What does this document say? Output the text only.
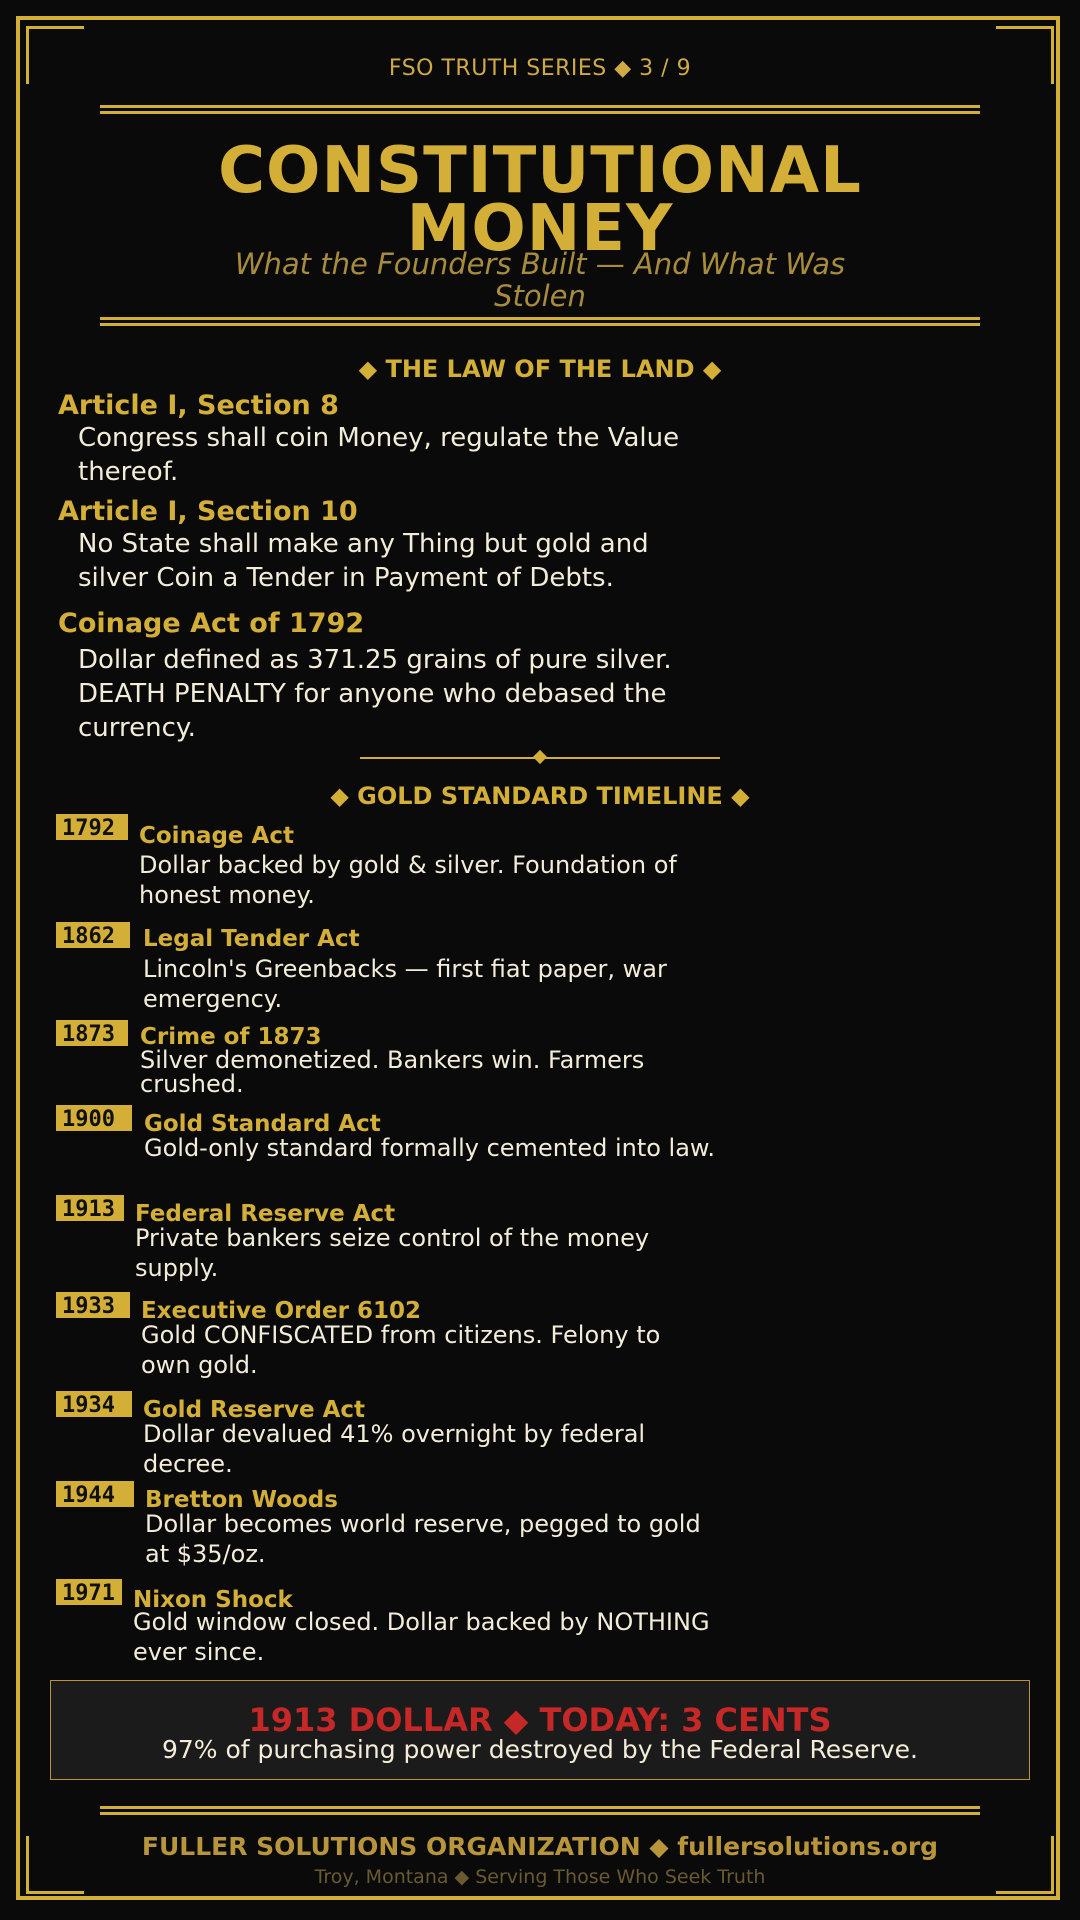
FSO TRUTH SERIES ◆ 3 / 9
CONSTITUTIONAL
MONEY
What the Founders Built — And What Was Stolen
◆ THE LAW OF THE LAND ◆
Article I, Section 8
Congress shall coin Money, regulate the Value thereof.
Article I, Section 10
No State shall make any Thing but gold and silver Coin a Tender in Payment of Debts.
Coinage Act of 1792
Dollar defined as 371.25 grains of pure silver. DEATH PENALTY for anyone who debased the currency.
◆ GOLD STANDARD TIMELINE ◆
1792	Coinage Act
Dollar backed by gold & silver. Foundation of honest money.
1862	Legal Tender Act
Lincoln's Greenbacks — first fiat paper, war emergency.
1873	Crime of 1873
Silver demonetized. Bankers win. Farmers crushed.
1900	Gold Standard Act
Gold-only standard formally cemented into law.
1913 Federal Reserve Act
Private bankers seize control of the money supply.
1933	Executive Order 6102
Gold CONFISCATED from citizens. Felony to own gold.
1934	Gold Reserve Act
Dollar devalued 41% overnight by federal decree.
1944	Bretton Woods
Dollar becomes world reserve, pegged to gold at $35/oz.
1971 Nixon Shock
Gold window closed. Dollar backed by NOTHING ever since.
1913 DOLLAR ◆ TODAY: 3 CENTS
97% of purchasing power destroyed by the Federal Reserve.
FULLER SOLUTIONS ORGANIZATION ◆ fullersolutions.org
Troy, Montana ◆ Serving Those Who Seek Truth
